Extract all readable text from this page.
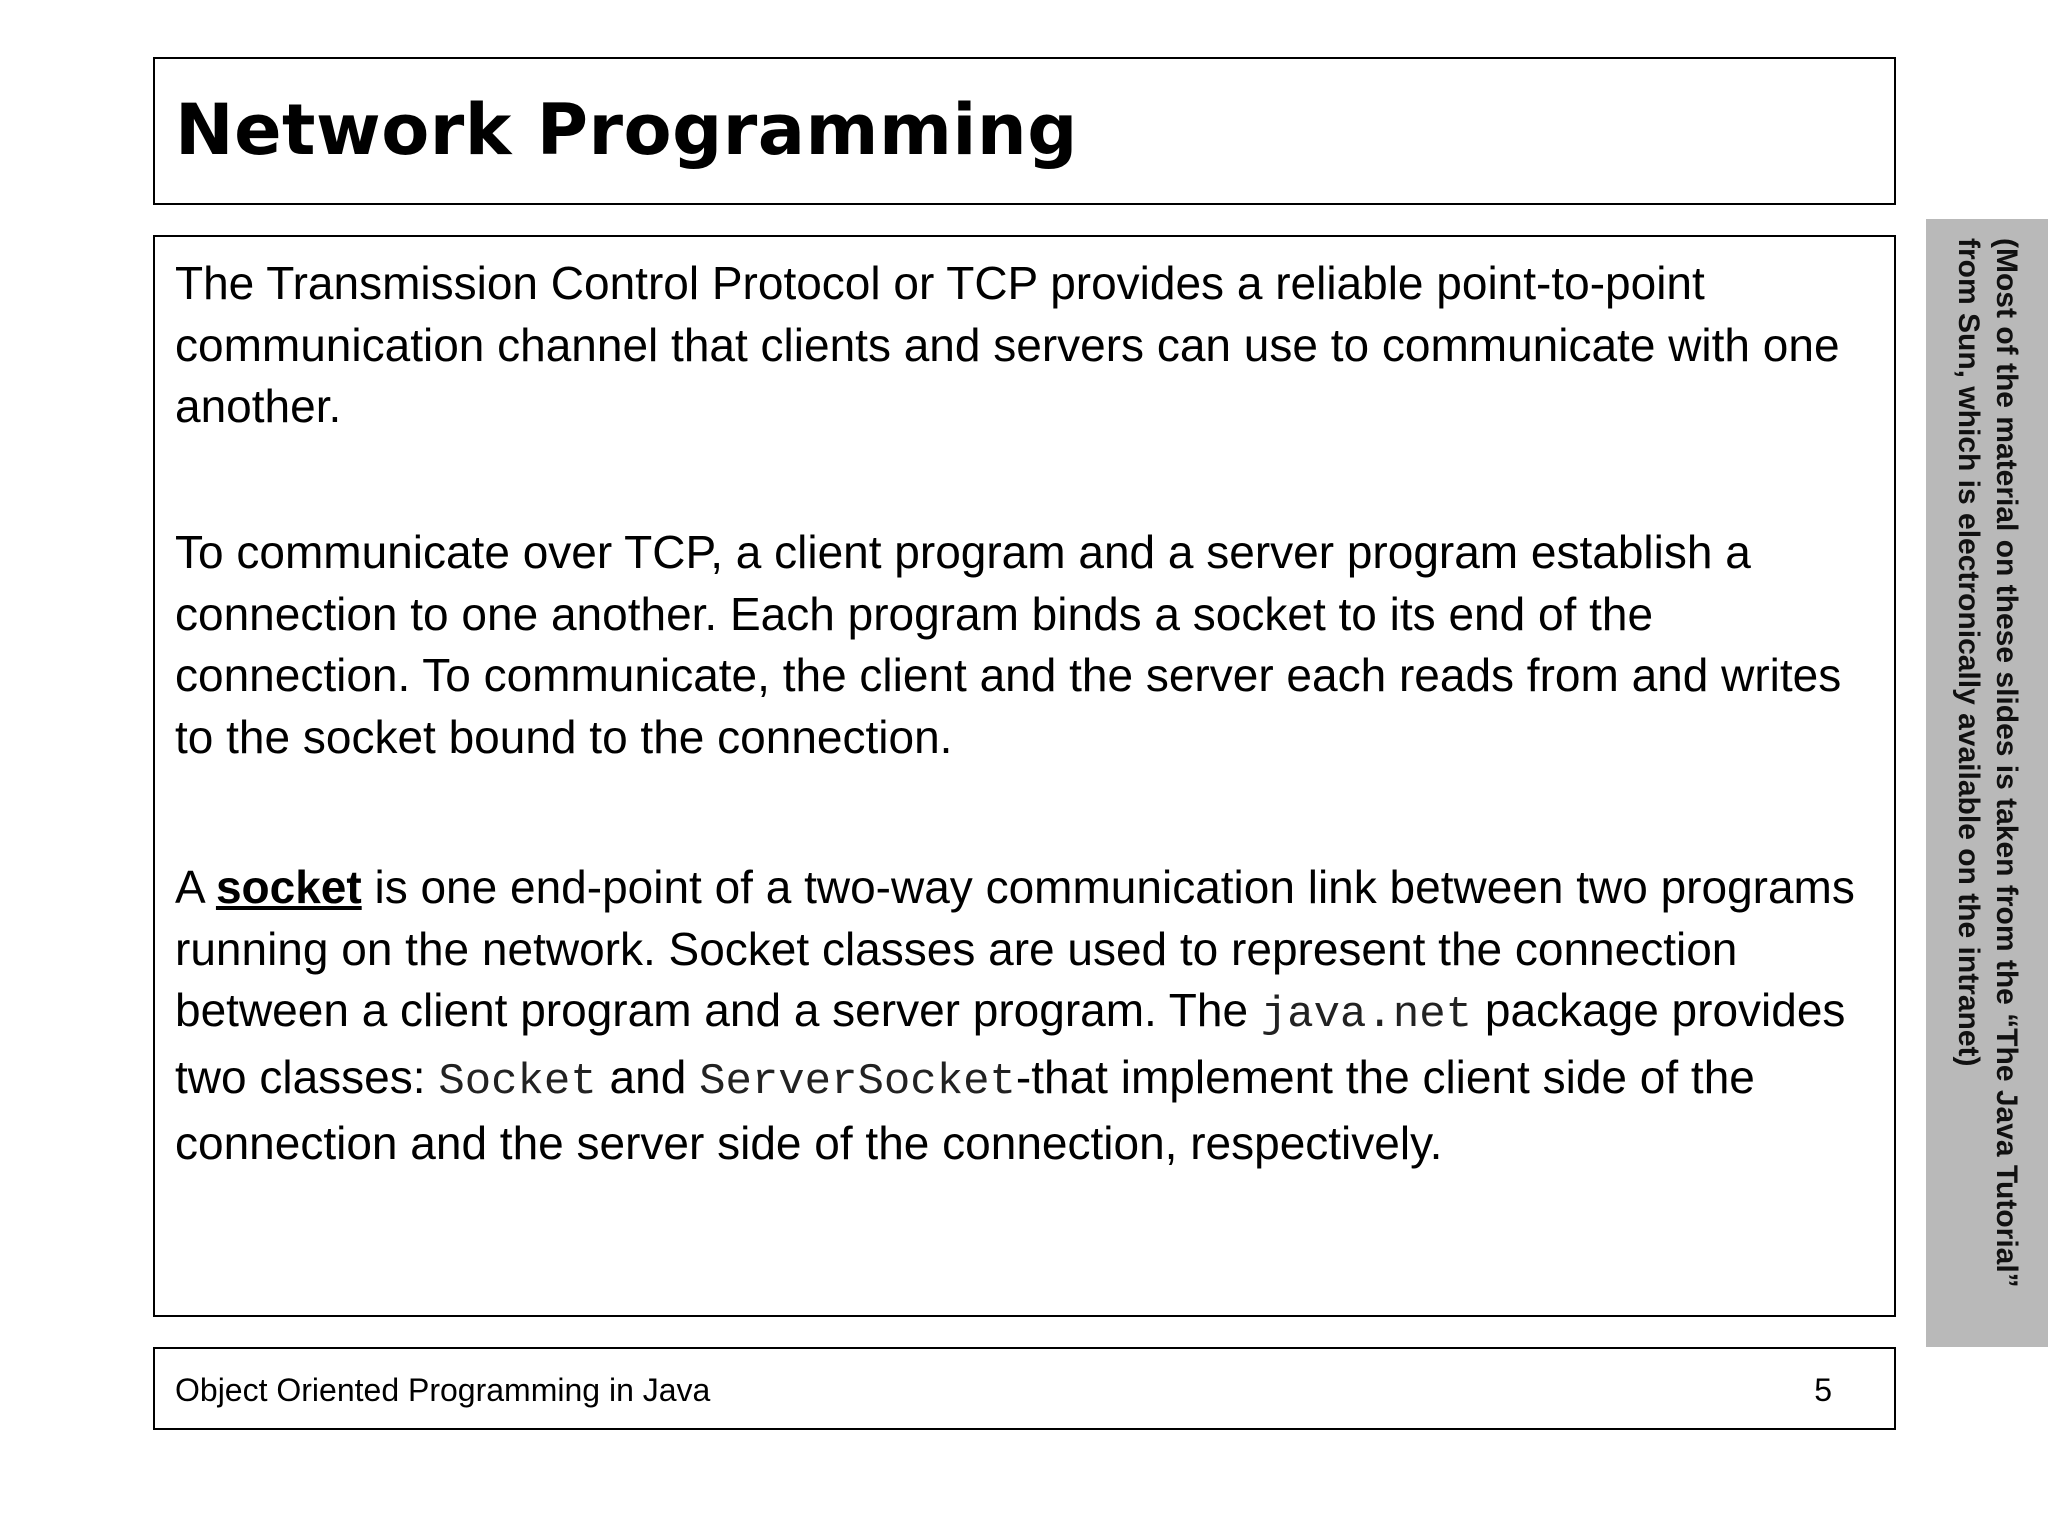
Network Programming

The Transmission Control Protocol or TCP provides a reliable point-to-point communication channel that clients and servers can use to communicate with one another.

To communicate over TCP, a client program and a server program establish a connection to one another. Each program binds a socket to its end of the connection. To communicate, the client and the server each reads from and writes to the socket bound to the connection.

A socket is one end-point of a two-way communication link between two programs running on the network. Socket classes are used to represent the connection between a client program and a server program. The java.net package provides two classes: Socket and ServerSocket-that implement the client side of the connection and the server side of the connection, respectively.

Object Oriented Programming in Java	5
(Most of the material on these slides is taken from the “The Java Tutorial” from Sun, which is electronically available on the intranet)
